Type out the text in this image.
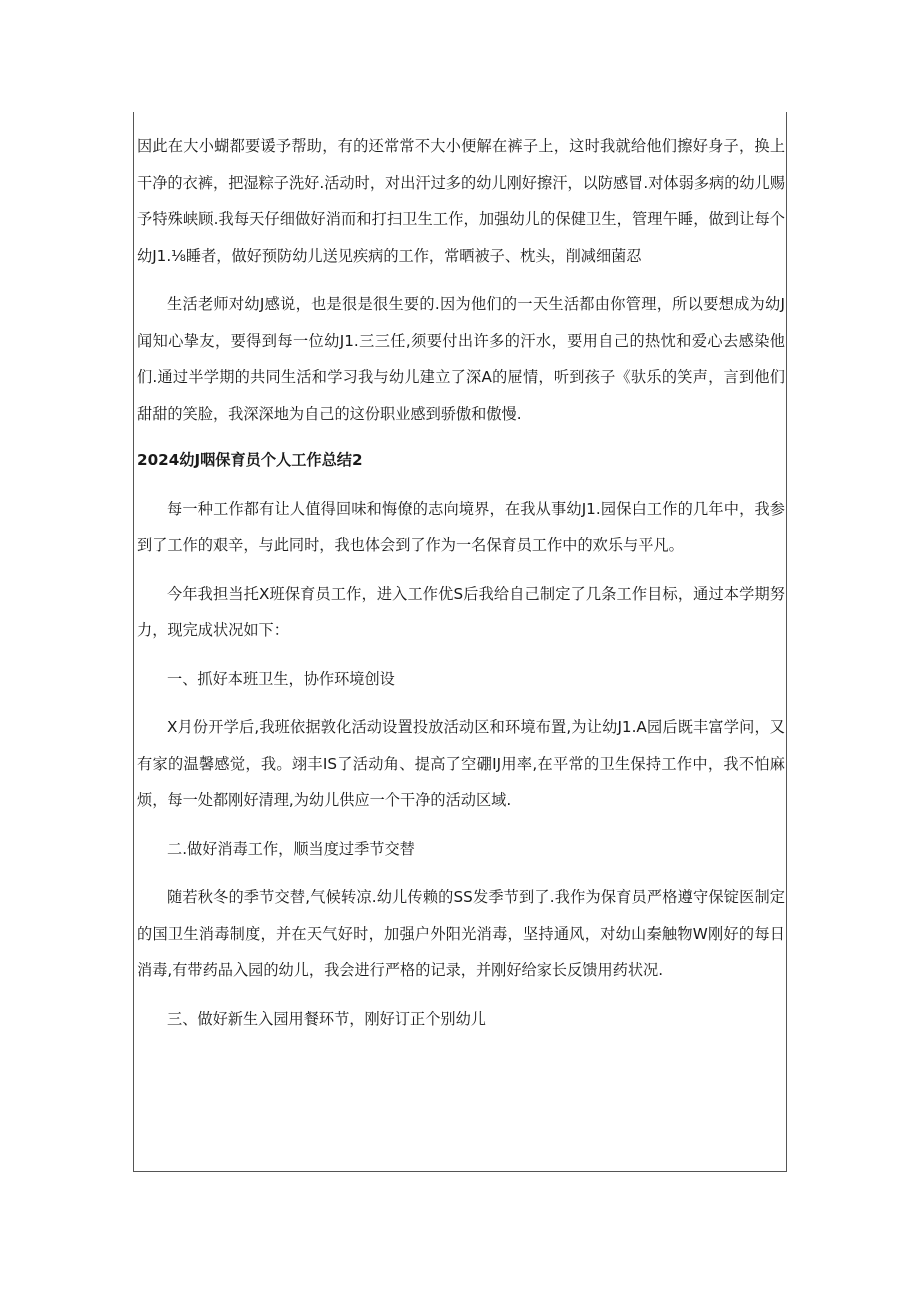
因此在大小蝴都要谖予帮助，有的还常常不大小便解在裤子上，这时我就给他们擦好身子，换上干净的衣裤，把湿粽子洗好.活动时，对出汗过多的幼儿刚好擦汗，以防感冒.对体弱多病的幼儿赐予特殊峡顾.我每天仔细做好消而和打扫卫生工作，加强幼儿的保健卫生，管理午睡，做到让每个幼J1.⅛睡者，做好预防幼儿送见疾病的工作，常晒被子、枕头，削减细菌忍

生活老师对幼J感说，也是很是很生要的.因为他们的一天生活都由你管理，所以要想成为幼J闻知心挚友，要得到每一位幼J1.三三任,须要付出许多的汗水，要用自己的热忱和爱心去感染他们.通过半学期的共同生活和学习我与幼儿建立了深A的屉情，听到孩子《驮乐的笑声，言到他们甜甜的笑脸，我深深地为自己的这份职业感到骄傲和傲慢.

2024幼J咽保育员个人工作总结2

每一种工作都有让人值得回味和悔僚的志向境界，在我从事幼J1.园保白工作的几年中，我参到了工作的艰辛，与此同时，我也体会到了作为一名保育员工作中的欢乐与平凡。

今年我担当托X班保育员工作，进入工作优S后我给自己制定了几条工作目标，通过本学期努力，现完成状况如下：

一、抓好本班卫生，协作环境创设

X月份开学后,我班依据敦化活动设置投放活动区和环境布置,为让幼J1.A园后既丰富学问，又有家的温馨感觉，我。翊丰IS了活动角、提高了空硼IJ用率,在平常的卫生保持工作中，我不怕麻烦，每一处都刚好清理,为幼儿供应一个干净的活动区域.

二.做好消毒工作，顺当度过季节交替

随若秋冬的季节交替,气候转凉.幼儿传赖的SS发季节到了.我作为保育员严格遵守保锭医制定的国卫生消毒制度，并在天气好时，加强户外阳光消毒，坚持通风，对幼山秦触物W刚好的每日消毒,有带药品入园的幼儿，我会进行严格的记录，并刚好给家长反馈用药状况.

三、做好新生入园用餐环节，刚好订正个别幼儿
